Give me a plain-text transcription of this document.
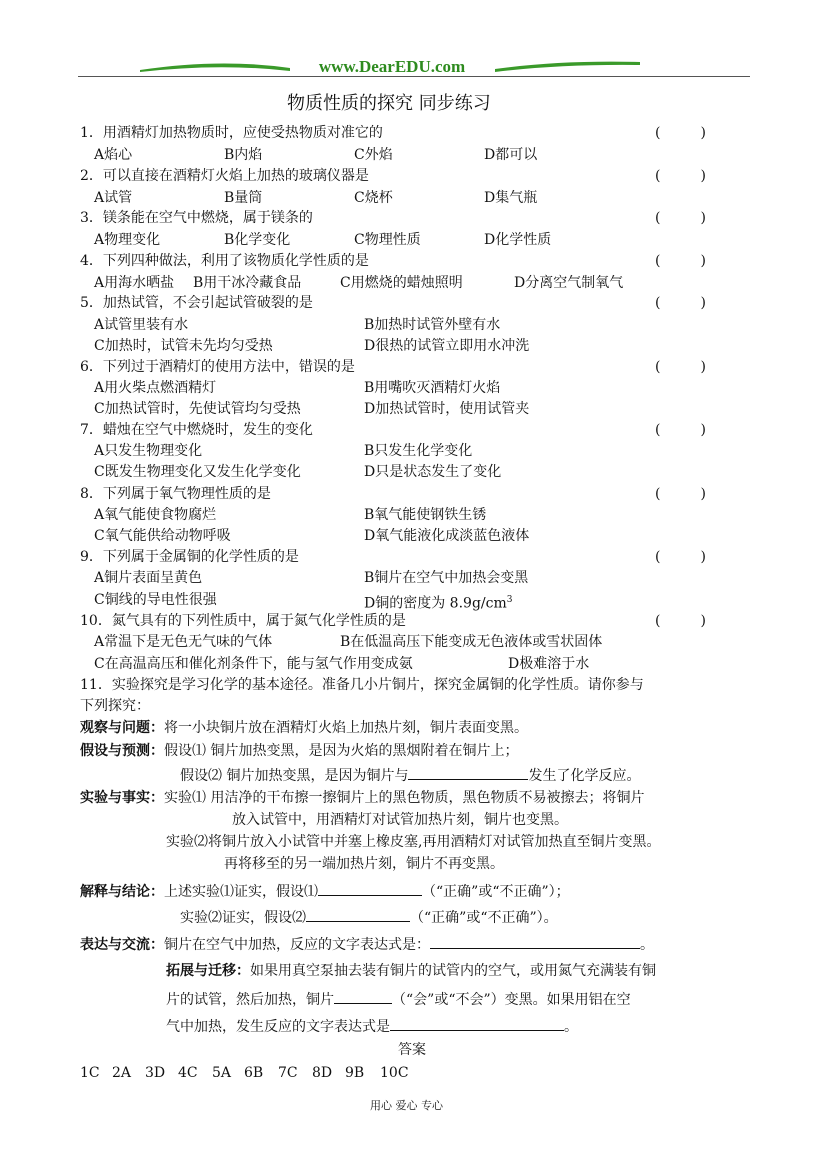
www.DearEDU.com
物质性质的探究 同步练习
1．用酒精灯加热物质时，应使受热物质对准它的	(         )
A焰心	B内焰	C外焰	D都可以
2．可以直接在酒精灯火焰上加热的玻璃仪器是	(         )
A试管	B量筒	C烧杯	D集气瓶
3．镁条能在空气中燃烧，属于镁条的	(         )
A物理变化	B化学变化	C物理性质	D化学性质
4．下列四种做法，利用了该物质化学性质的是	(         )
A用海水晒盐 B用干冰冷藏食品	C用燃烧的蜡烛照明	D分离空气制氧气
5．加热试管，不会引起试管破裂的是	(         )
A试管里装有水	B加热时试管外壁有水
C加热时，试管未先均匀受热	D很热的试管立即用水冲洗
6．下列过于酒精灯的使用方法中，错误的是	(         )
A用火柴点燃酒精灯	B用嘴吹灭酒精灯火焰
C加热试管时，先使试管均匀受热	D加热试管时，使用试管夹
7．蜡烛在空气中燃烧时，发生的变化	(         )
A只发生物理变化	B只发生化学变化
C既发生物理变化又发生化学变化	D只是状态发生了变化
8．下列属于氧气物理性质的是	(         )
A氧气能使食物腐烂	B氧气能使钢铁生锈
C氧气能供给动物呼吸	D氧气能液化成淡蓝色液体
9．下列属于金属铜的化学性质的是	(         )
A铜片表面呈黄色	B铜片在空气中加热会变黑
C铜线的导电性很强	D铜的密度为 $8.9g/cm^3$
10．氮气具有的下列性质中，属于氮气化学性质的是	(         )
A常温下是无色无气味的气体	B在低温高压下能变成无色液体或雪状固体
C在高温高压和催化剂条件下，能与氢气作用变成氨	D极难溶于水
11．实验探究是学习化学的基本途径。准备几小片铜片，探究金属铜的化学性质。请你参与
下列探究：
观察与问题：将一小块铜片放在酒精灯火焰上加热片刻，铜片表面变黑。
假设与预测：假设⑴ 铜片加热变黑，是因为火焰的黑烟附着在铜片上；
假设⑵ 铜片加热变黑，是因为铜片与	发生了化学反应。
实验与事实：实验⑴ 用洁净的干布擦一擦铜片上的黑色物质，黑色物质不易被擦去；将铜片
放入试管中，用酒精灯对试管加热片刻，铜片也变黑。
实验⑵将铜片放入小试管中并塞上橡皮塞,再用酒精灯对试管加热直至铜片变黑。
再将移至的另一端加热片刻，铜片不再变黑。
解释与结论：上述实验⑴证实，假设⑴	（“正确”或“不正确”）；
实验⑵证实，假设⑵	（“正确”或“不正确”）。
表达与交流：铜片在空气中加热，反应的文字表达式是：	。
拓展与迁移：如果用真空泵抽去装有铜片的试管内的空气，或用氮气充满装有铜
片的试管，然后加热，铜片	（“会”或“不会”）变黑。如果用铝在空
气中加热，发生反应的文字表达式是	。
答案
1C 2A 3D 4C 5A 6B 7C 8D 9B 10C
用心 爱心 专心
